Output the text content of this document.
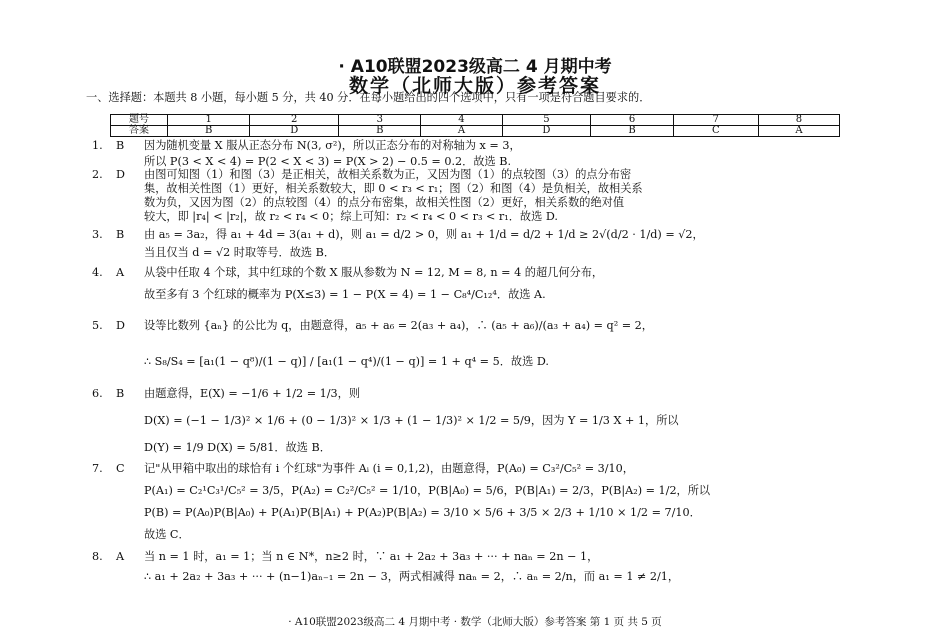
· A10联盟2023级高二 4 月期中考
数学（北师大版）参考答案
一、选择题：本题共 8 小题，每小题 5 分，共 40 分．在每小题给出的四个选项中，只有一项是符合题目要求的．
题号	1	2	3	4	5	6	7	8
答案	B	D	B	A	D	B	C	A
1. B 因为随机变量 X 服从正态分布 N(3, σ²)，所以正态分布的对称轴为 x = 3，
所以 P(3 < X < 4) = P(2 < X < 3) = P(X > 2) − 0.5 = 0.2．故选 B.
2. D 由图可知图（1）和图（3）是正相关，故相关系数为正，又因为图（1）的点较图（3）的点分布密
集，故相关性图（1）更好，相关系数较大，即 0 < r₃ < r₁；图（2）和图（4）是负相关，故相关系
数为负，又因为图（2）的点较图（4）的点分布密集，故相关性图（2）更好，相关系数的绝对值
较大，即 |r₄| < |r₂|，故 r₂ < r₄ < 0；综上可知：r₂ < r₄ < 0 < r₃ < r₁．故选 D.
3. B 由 a₅ = 3a₂，得 a₁ + 4d = 3(a₁ + d)，则 a₁ = d/2 > 0，则 a₁ + 1/d = d/2 + 1/d ≥ 2√(d/2 · 1/d) = √2，
当且仅当 d = √2 时取等号．故选 B．
4. A 从袋中任取 4 个球，其中红球的个数 X 服从参数为 N = 12, M = 8, n = 4 的超几何分布，
故至多有 3 个红球的概率为 P(X≤3) = 1 − P(X = 4) = 1 − C₈⁴/C₁₂⁴．故选 A.
5. D 设等比数列 {aₙ} 的公比为 q，由题意得，a₅ + a₆ = 2(a₃ + a₄)，∴ (a₅ + a₆)/(a₃ + a₄) = q² = 2，
∴ S₈/S₄ = [a₁(1 − q⁸)/(1 − q)] / [a₁(1 − q⁴)/(1 − q)] = 1 + q⁴ = 5．故选 D.
6. B 由题意得，E(X) = −1/6 + 1/2 = 1/3，则
D(X) = (−1 − 1/3)² × 1/6 + (0 − 1/3)² × 1/3 + (1 − 1/3)² × 1/2 = 5/9，因为 Y = 1/3 X + 1，所以
D(Y) = 1/9 D(X) = 5/81．故选 B．
7. C 记"从甲箱中取出的球恰有 i 个红球"为事件 Aᵢ (i = 0,1,2)，由题意得，P(A₀) = C₃²/C₅² = 3/10，
P(A₁) = C₂¹C₃¹/C₅² = 3/5，P(A₂) = C₂²/C₅² = 1/10，P(B|A₀) = 5/6，P(B|A₁) = 2/3，P(B|A₂) = 1/2，所以
P(B) = P(A₀)P(B|A₀) + P(A₁)P(B|A₁) + P(A₂)P(B|A₂) = 3/10 × 5/6 + 3/5 × 2/3 + 1/10 × 1/2 = 7/10．
故选 C．
8. A 当 n = 1 时，a₁ = 1；当 n ∈ N*，n≥2 时，∵ a₁ + 2a₂ + 3a₃ + ··· + naₙ = 2n − 1，
∴ a₁ + 2a₂ + 3a₃ + ··· + (n−1)aₙ₋₁ = 2n − 3，两式相减得 naₙ = 2，∴ aₙ = 2/n，而 a₁ = 1 ≠ 2/1，
· A10联盟2023级高二 4 月期中考 · 数学（北师大版）参考答案 第 1 页 共 5 页
